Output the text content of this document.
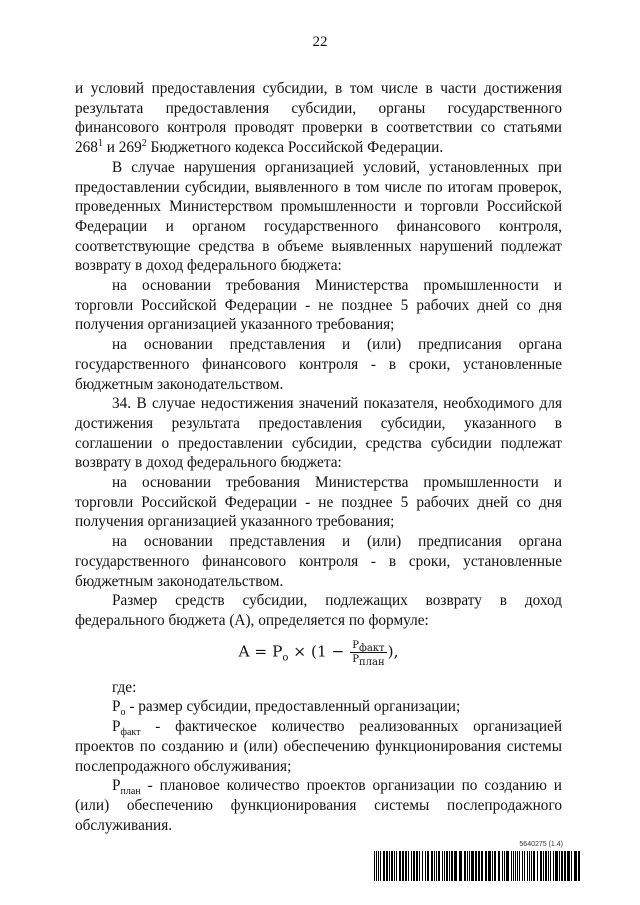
22

и условий предоставления субсидии, в том числе в части достижения результата предоставления субсидии, органы государственного финансового контроля проводят проверки в соответствии со статьями $268^1$ и $269^2$ Бюджетного кодекса Российской Федерации.

В случае нарушения организацией условий, установленных при предоставлении субсидии, выявленного в том числе по итогам проверок, проведенных Министерством промышленности и торговли Российской Федерации и органом государственного финансового контроля, соответствующие средства в объеме выявленных нарушений подлежат возврату в доход федерального бюджета:

на основании требования Министерства промышленности и торговли Российской Федерации - не позднее 5 рабочих дней со дня получения организацией указанного требования;

на основании представления и (или) предписания органа государственного финансового контроля - в сроки, установленные бюджетным законодательством.

34. В случае недостижения значений показателя, необходимого для достижения результата предоставления субсидии, указанного в соглашении о предоставлении субсидии, средства субсидии подлежат возврату в доход федерального бюджета:

на основании требования Министерства промышленности и торговли Российской Федерации - не позднее 5 рабочих дней со дня получения организацией указанного требования;

на основании представления и (или) предписания органа государственного финансового контроля - в сроки, установленные бюджетным законодательством.

Размер средств субсидии, подлежащих возврату в доход федерального бюджета (А), определяется по формуле:

$A = P_о \times (1 - \frac{P_{факт}}{P_{план}}$ ),

где:

$P_о$ - размер субсидии, предоставленный организации;

$P_{факт}$ - фактическое количество реализованных организацией проектов по созданию и (или) обеспечению функционирования системы послепродажного обслуживания;

$P_{план}$ - плановое количество проектов организации по созданию и (или) обеспечению функционирования системы послепродажного обслуживания.

5640275 (1.4)
